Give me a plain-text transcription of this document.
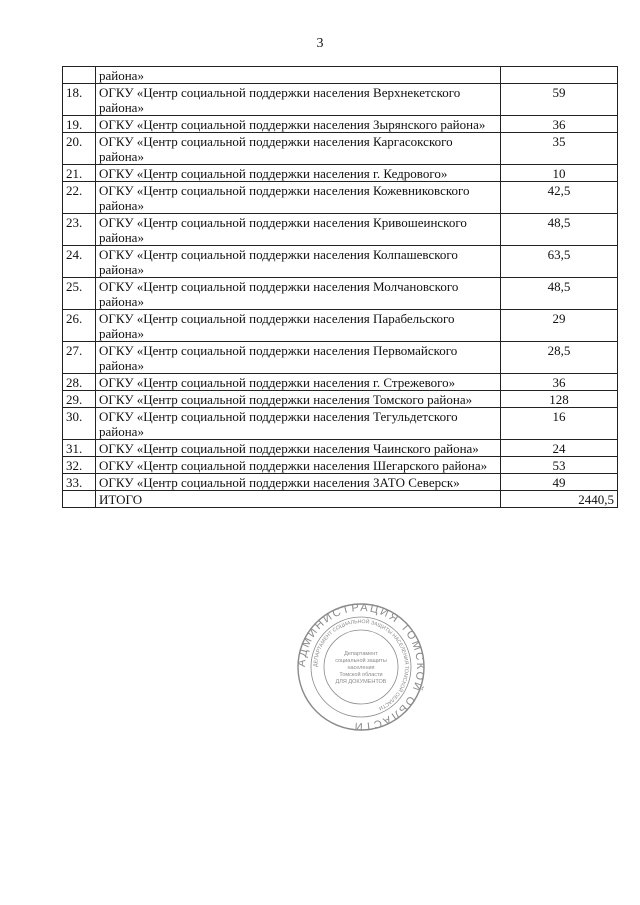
3
	района»	
18.	ОГКУ «Центр социальной поддержки населения Верхнекетского района»	59
19.	ОГКУ «Центр социальной поддержки населения Зырянского района»	36
20.	ОГКУ «Центр социальной поддержки населения Каргасокского района»	35
21.	ОГКУ «Центр социальной поддержки населения г. Кедрового»	10
22.	ОГКУ «Центр социальной поддержки населения Кожевниковского района»	42,5
23.	ОГКУ «Центр социальной поддержки населения Кривошеинского района»	48,5
24.	ОГКУ «Центр социальной поддержки населения Колпашевского района»	63,5
25.	ОГКУ «Центр социальной поддержки населения Молчановского района»	48,5
26.	ОГКУ «Центр социальной поддержки населения Парабельского района»	29
27.	ОГКУ «Центр социальной поддержки населения Первомайского района»	28,5
28.	ОГКУ «Центр социальной поддержки населения г. Стрежевого»	36
29.	ОГКУ «Центр социальной поддержки населения Томского района»	128
30.	ОГКУ «Центр социальной поддержки населения Тегульдетского района»	16
31.	ОГКУ «Центр социальной поддержки населения Чаинского района»	24
32.	ОГКУ «Центр социальной поддержки населения Шегарского района»	53
33.	ОГКУ «Центр социальной поддержки населения ЗАТО Северск»	49
	ИТОГО	2440,5
АДМИНИСТРАЦИЯ ТОМСКОЙ ОБЛАСТИ
ДЕПАРТАМЕНТ СОЦИАЛЬНОЙ ЗАЩИТЫ НАСЕЛЕНИЯ ТОМСКОЙ ОБЛАСТИ
Департамент
социальной защиты
населения
Томской области
ДЛЯ ДОКУМЕНТОВ
